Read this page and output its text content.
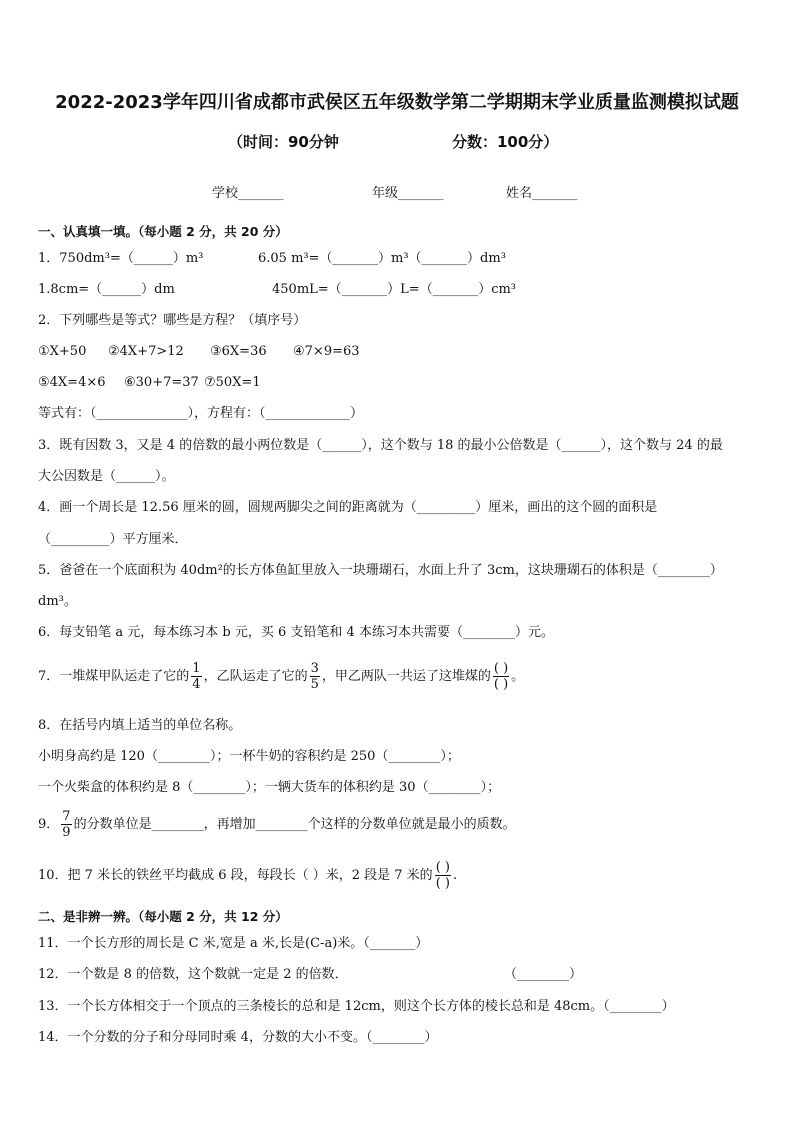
2022-2023学年四川省成都市武侯区五年级数学第二学期期末学业质量监测模拟试题
（时间：90分钟	分数：100分）
学校_______	年级_______	姓名_______
一、认真填一填。（每小题 2 分，共 20 分）
1．750dm³=（______）m³	6.05 m³=（_______）m³（_______）dm³
1.8cm=（______）dm	450mL=（_______）L=（_______）cm³
2．下列哪些是等式？哪些是方程？（填序号）
①X+50 ②4X+7>12 ③6X=36 ④7×9=63
⑤4X=4×6 ⑥30+7=37 ⑦50X=1
等式有：（______________），方程有：（_____________）
3．既有因数 3，又是 4 的倍数的最小两位数是（______），这个数与 18 的最小公倍数是（______），这个数与 24 的最
大公因数是（______）。
4．画一个周长是 12.56 厘米的圆，圆规两脚尖之间的距离就为（_________）厘米，画出的这个圆的面积是
（_________）平方厘米．
5．爸爸在一个底面积为 40dm²的长方体鱼缸里放入一块珊瑚石，水面上升了 3cm，这块珊瑚石的体积是（________）
dm³。
6．每支铅笔 a 元，每本练习本 b 元，买 6 支铅笔和 4 本练习本共需要（________）元。
7．一堆煤甲队运走了它的 $\frac{1}{4}$ ，乙队运走了它的 $\frac{3}{5}$ ，甲乙两队一共运了这堆煤的 $\frac{( )}{( )}$ 。
8．在括号内填上适当的单位名称。
小明身高约是 120（________）；一杯牛奶的容积约是 250（________）；
一个火柴盒的体积约是 8（________）；一辆大货车的体积约是 30（________）；
9． $\frac{7}{9}$ 的分数单位是________，再增加________个这样的分数单位就是最小的质数。
10．把 7 米长的铁丝平均截成 6 段，每段长（ ）米，2 段是 7 米的 $\frac{( )}{( )}$ .
二、是非辨一辨。（每小题 2 分，共 12 分）
11．一个长方形的周长是 C 米,宽是 a 米,长是(C-a)米。（_______）
12．一个数是 8 的倍数，这个数就一定是 2 的倍数．	（________）
13．一个长方体相交于一个顶点的三条棱长的总和是 12cm，则这个长方体的棱长总和是 48cm。（________）
14．一个分数的分子和分母同时乘 4，分数的大小不变。（________）
